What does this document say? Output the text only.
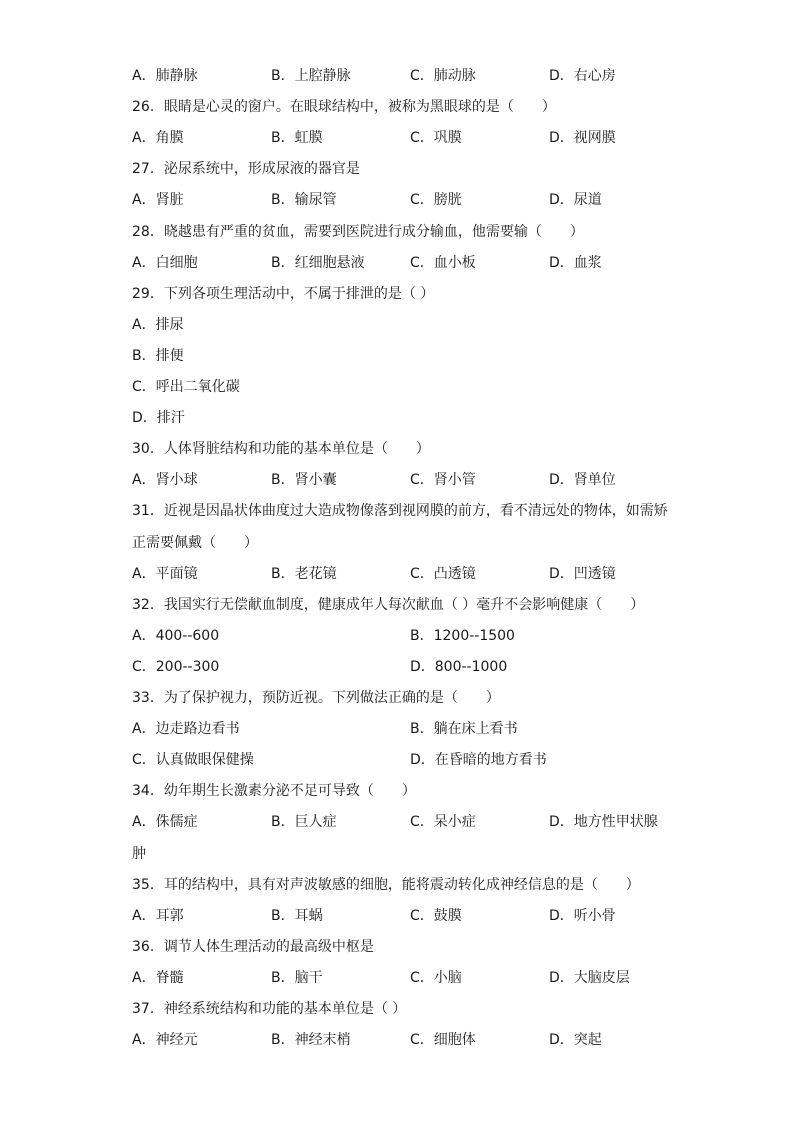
A．肺静脉	B．上腔静脉	C．肺动脉	D．右心房
26．眼睛是心灵的窗户。在眼球结构中，被称为黑眼球的是（　　）
A．角膜	B．虹膜	C．巩膜	D．视网膜
27．泌尿系统中，形成尿液的器官是
A．肾脏	B．输尿管	C．膀胱	D．尿道
28．晓越患有严重的贫血，需要到医院进行成分输血，他需要输（　　）
A．白细胞	B．红细胞悬液	C．血小板	D．血浆
29．下列各项生理活动中，不属于排泄的是（ ）
A．排尿
B．排便
C．呼出二氧化碳
D．排汗
30．人体肾脏结构和功能的基本单位是（　　）
A．肾小球	B．肾小囊	C．肾小管	D．肾单位
31．近视是因晶状体曲度过大造成物像落到视网膜的前方，看不清远处的物体，如需矫
正需要佩戴（　　）
A．平面镜	B．老花镜	C．凸透镜	D．凹透镜
32．我国实行无偿献血制度，健康成年人每次献血（ ）毫升不会影响健康（　　）
A．400--600	B．1200--1500
C．200--300	D．800--1000
33．为了保护视力，预防近视。下列做法正确的是（　　）
A．边走路边看书	B．躺在床上看书
C．认真做眼保健操	D．在昏暗的地方看书
34．幼年期生长激素分泌不足可导致（　　）
A．侏儒症	B．巨人症	C．呆小症	D．地方性甲状腺
肿
35．耳的结构中，具有对声波敏感的细胞，能将震动转化成神经信息的是（　　）
A．耳郭	B．耳蜗	C．鼓膜	D．听小骨
36．调节人体生理活动的最高级中枢是
A．脊髓	B．脑干	C．小脑	D．大脑皮层
37．神经系统结构和功能的基本单位是（ ）
A．神经元	B．神经末梢	C．细胞体	D．突起
